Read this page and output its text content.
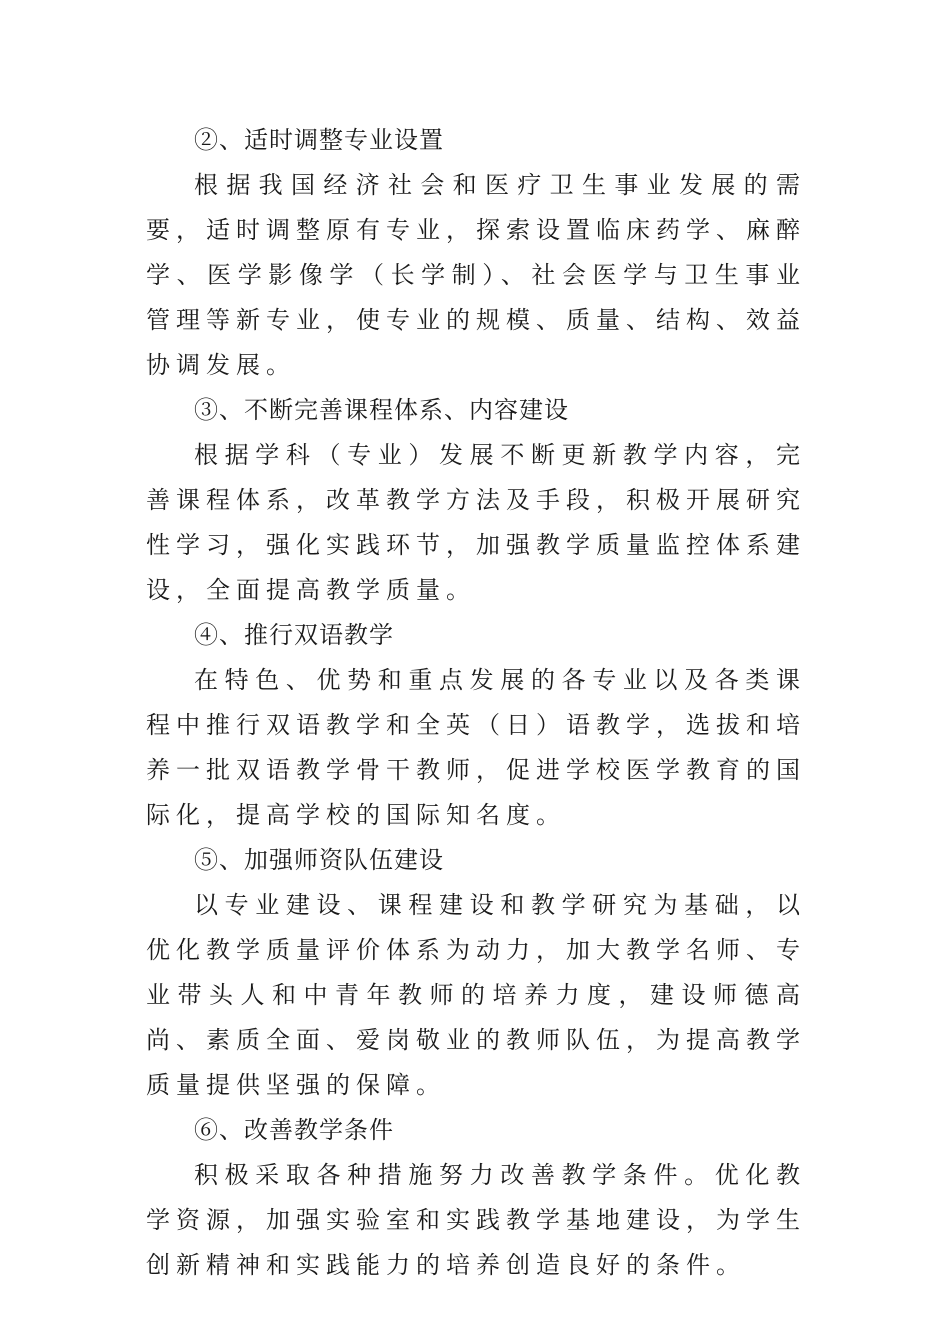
②、适时调整专业设置

根据我国经济社会和医疗卫生事业发展的需要，适时调整原有专业，探索设置临床药学、麻醉学、医学影像学（长学制）、社会医学与卫生事业管理等新专业，使专业的规模、质量、结构、效益协调发展。

③、不断完善课程体系、内容建设

根据学科（专业）发展不断更新教学内容，完善课程体系，改革教学方法及手段，积极开展研究性学习，强化实践环节，加强教学质量监控体系建设，全面提高教学质量。

④、推行双语教学

在特色、优势和重点发展的各专业以及各类课程中推行双语教学和全英（日）语教学，选拔和培养一批双语教学骨干教师，促进学校医学教育的国际化，提高学校的国际知名度。

⑤、加强师资队伍建设

以专业建设、课程建设和教学研究为基础，以优化教学质量评价体系为动力，加大教学名师、专业带头人和中青年教师的培养力度，建设师德高尚、素质全面、爱岗敬业的教师队伍，为提高教学质量提供坚强的保障。

⑥、改善教学条件

积极采取各种措施努力改善教学条件。优化教学资源，加强实验室和实践教学基地建设，为学生创新精神和实践能力的培养创造良好的条件。
